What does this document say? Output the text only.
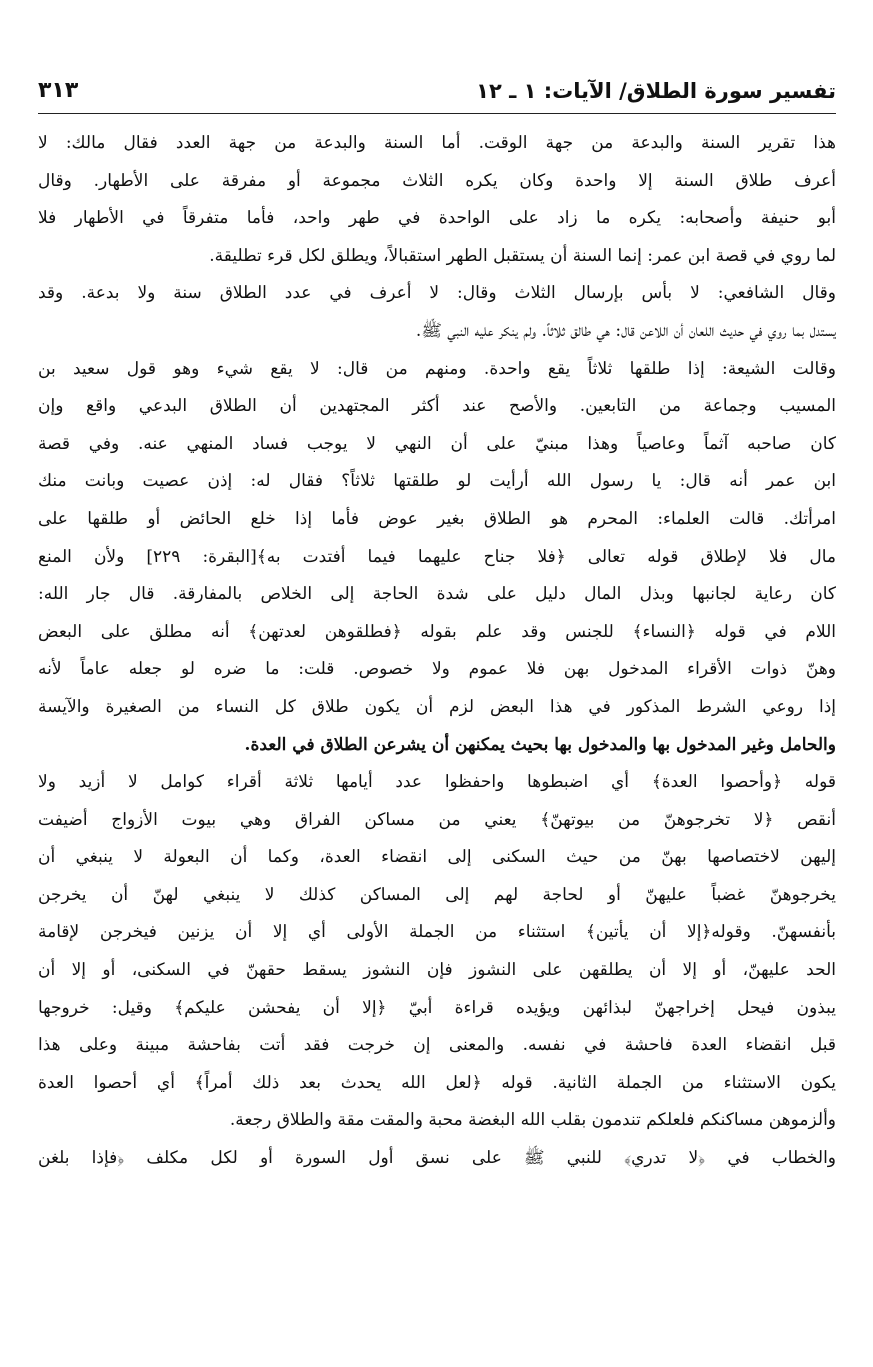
تفسير سورة الطلاق/ الآيات: ١ ـ ١٢
٣١٣
هذا تقرير السنة والبدعة من جهة الوقت. أما السنة والبدعة من جهة العدد فقال مالك: لا
أعرف طلاق السنة إلا واحدة وكان يكره الثلاث مجموعة أو مفرقة على الأطهار. وقال
أبو حنيفة وأصحابه: يكره ما زاد على الواحدة في طهر واحد، فأما متفرقاً في الأطهار فلا
لما روي في قصة ابن عمر: إنما السنة أن يستقبل الطهر استقبالاً، ويطلق لكل قرء تطليقة.
وقال الشافعي: لا بأس بإرسال الثلاث وقال: لا أعرف في عدد الطلاق سنة ولا بدعة. وقد
يستدل بما روي في حديث اللعان أن اللاعن قال: هي طالق ثلاثاً. ولم ينكر عليه النبي ﷺ.
وقالت الشيعة: إذا طلقها ثلاثاً يقع واحدة. ومنهم من قال: لا يقع شيء وهو قول سعيد بن
المسيب وجماعة من التابعين. والأصح عند أكثر المجتهدين أن الطلاق البدعي واقع وإن
كان صاحبه آثماً وعاصياً وهذا مبنيّ على أن النهي لا يوجب فساد المنهي عنه. وفي قصة
ابن عمر أنه قال: يا رسول الله أرأيت لو طلقتها ثلاثاً؟ فقال له: إذن عصيت وبانت منك
امرأتك. قالت العلماء: المحرم هو الطلاق بغير عوض فأما إذا خلع الحائض أو طلقها على
مال فلا لإطلاق قوله تعالى ﴿فلا جناح عليهما فيما أفتدت به﴾[البقرة: ٢٢٩] ولأن المنع
كان رعاية لجانبها وبذل المال دليل على شدة الحاجة إلى الخلاص بالمفارقة. قال جار الله:
اللام في قوله ﴿النساء﴾ للجنس وقد علم بقوله ﴿فطلقوهن لعدتهن﴾ أنه مطلق على البعض
وهنّ ذوات الأقراء المدخول بهن فلا عموم ولا خصوص. قلت: ما ضره لو جعله عاماً لأنه
إذا روعي الشرط المذكور في هذا البعض لزم أن يكون طلاق كل النساء من الصغيرة والآيسة
والحامل وغير المدخول بها والمدخول بها بحيث يمكنهن أن يشرعن الطلاق في العدة.
قوله ﴿وأحصوا العدة﴾ أي اضبطوها واحفظوا عدد أيامها ثلاثة أقراء كوامل لا أزيد ولا
أنقص ﴿لا تخرجوهنّ من بيوتهنّ﴾ يعني من مساكن الفراق وهي بيوت الأزواج أضيفت
إليهن لاختصاصها بهنّ من حيث السكنى إلى انقضاء العدة، وكما أن البعولة لا ينبغي أن
يخرجوهنّ غضباً عليهنّ أو لحاجة لهم إلى المساكن كذلك لا ينبغي لهنّ أن يخرجن
بأنفسهنّ. وقوله﴿إلا أن يأتين﴾ استثناء من الجملة الأولى أي إلا أن يزنين فيخرجن لإقامة
الحد عليهنّ، أو إلا أن يطلقهن على النشوز فإن النشوز يسقط حقهنّ في السكنى، أو إلا أن
يبذون فيحل إخراجهنّ لبذائهن ويؤيده قراءة أبيّ ﴿إلا أن يفحشن عليكم﴾ وقيل: خروجها
قبل انقضاء العدة فاحشة في نفسه. والمعنى إن خرجت فقد أتت بفاحشة مبينة وعلى هذا
يكون الاستثناء من الجملة الثانية. قوله ﴿لعل الله يحدث بعد ذلك أمراً﴾ أي أحصوا العدة
وألزموهن مساكنكم فلعلكم تندمون بقلب الله البغضة محبة والمقت مقة والطلاق رجعة.
والخطاب في ﴿لا تدري﴾ للنبي ﷺ على نسق أول السورة أو لكل مكلف ﴿فإذا بلغن
